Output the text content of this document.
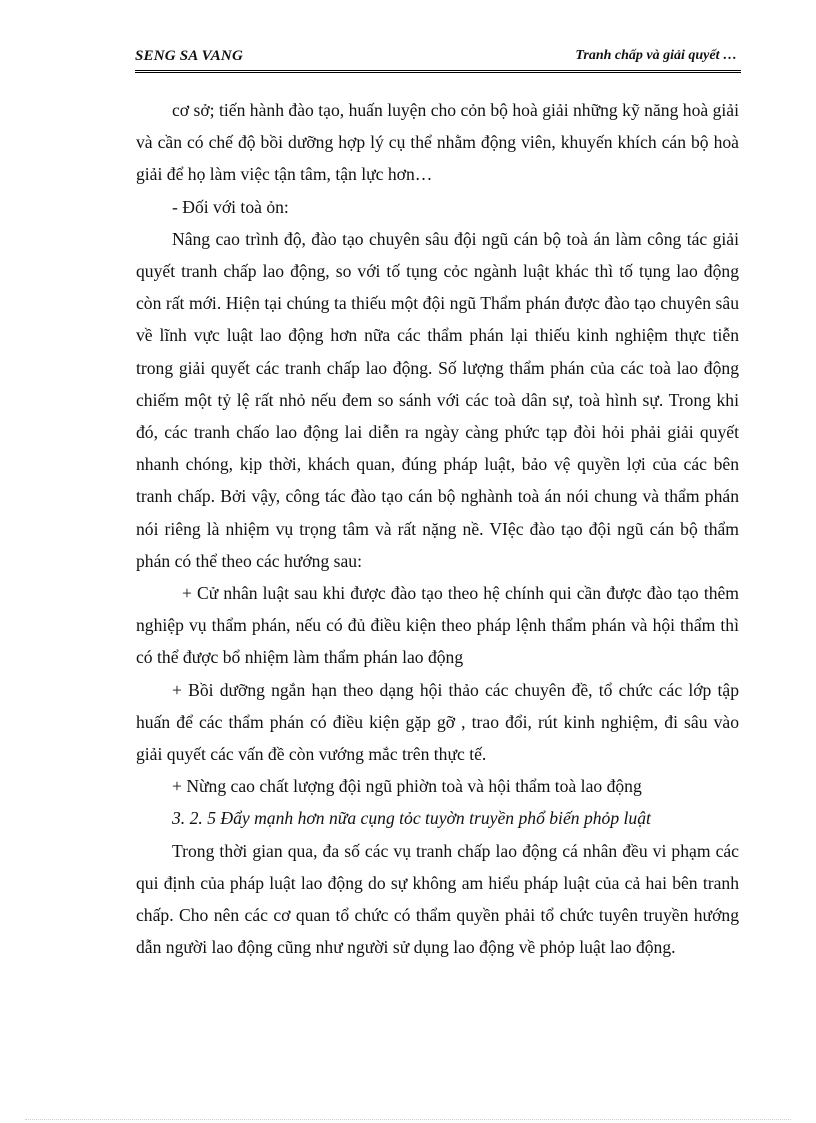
SENG SA VANG	Tranh chấp và giải quyết …

cơ sở; tiến hành đào tạo, huấn luyện cho cỏn bộ hoà giải những kỹ năng hoà giải và cần có chế độ bồi dưỡng hợp lý cụ thể nhằm động viên, khuyến khích cán bộ hoà giải để họ làm việc tận tâm, tận lực hơn…

- Đối với toà ỏn:

Nâng cao trình độ, đào tạo chuyên sâu đội ngũ cán bộ toà án làm công tác giải quyết tranh chấp lao động, so với tố tụng cỏc ngành luật khác thì tố tụng lao động còn rất mới. Hiện tại chúng ta thiếu một đội ngũ Thẩm phán được đào tạo chuyên sâu về lĩnh vực luật lao động hơn nữa các thẩm phán lại thiếu kinh nghiệm thực tiễn trong giải quyết các tranh chấp lao động. Số lượng thẩm phán của các toà lao động chiếm một tỷ lệ rất nhỏ nếu đem so sánh với các toà dân sự, toà hình sự. Trong khi đó, các tranh chấo lao động lai diễn ra ngày càng phức tạp đòi hỏi phải giải quyết nhanh chóng, kịp thời, khách quan, đúng pháp luật, bảo vệ quyền lợi của các bên tranh chấp. Bởi vậy, công tác đào tạo cán bộ nghành toà án nói chung và thẩm phán nói riêng là nhiệm vụ trọng tâm và rất nặng nề. VIệc đào tạo đội ngũ cán bộ thẩm phán có thể theo các hướng sau:

+ Cử nhân luật sau khi được đào tạo theo hệ chính qui cần được đào tạo thêm nghiệp vụ thẩm phán, nếu có đủ điều kiện theo pháp lệnh thẩm phán và hội thẩm thì có thể được bổ nhiệm làm thẩm phán lao động

+ Bồi dưỡng ngắn hạn theo dạng hội thảo các chuyên đề, tổ chức các lớp tập huấn để các thẩm phán có điều kiện gặp gỡ , trao đổi, rút kinh nghiệm, đi sâu vào giải quyết các vấn đề còn vướng mắc trên thực tế.

+ Nừng cao chất lượng đội ngũ phiờn toà và hội thẩm toà lao động

3. 2. 5 Đẩy mạnh hơn nữa cụng tỏc tuyờn truyền phổ biến phỏp luật

Trong thời gian qua, đa số các vụ tranh chấp lao động cá nhân đều vi phạm các qui định của pháp luật lao động do sự không am hiểu pháp luật của cả hai bên tranh chấp. Cho nên các cơ quan tổ chức có thẩm quyền phải tổ chức tuyên truyền hướng dẫn người lao động cũng như người sử dụng lao động về phỏp luật lao động.
